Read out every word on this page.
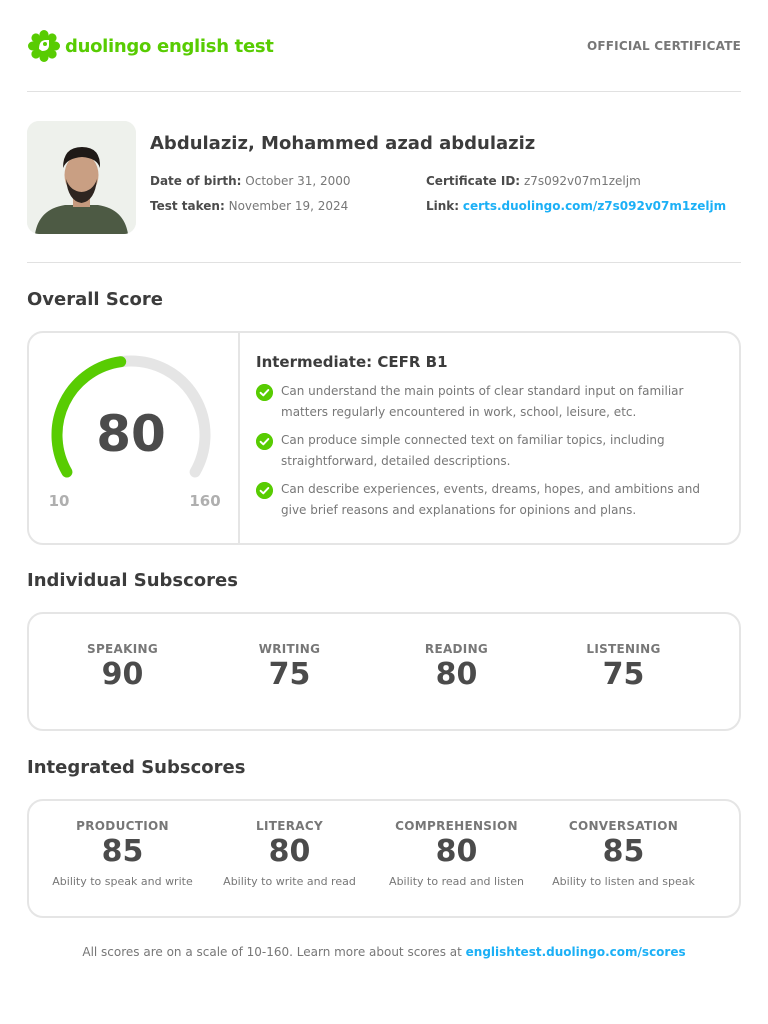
duolingo english test	OFFICIAL CERTIFICATE
Abdulaziz, Mohammed azad abdulaziz
Date of birth: October 31, 2000
Test taken: November 19, 2024
Certificate ID: z7s092v07m1zeljm
Link: certs.duolingo.com/z7s092v07m1zeljm
Overall Score
80
10	160
Intermediate: CEFR B1
Can understand the main points of clear standard input on familiar matters regularly encountered in work, school, leisure, etc.
Can produce simple connected text on familiar topics, including straightforward, detailed descriptions.
Can describe experiences, events, dreams, hopes, and ambitions and give brief reasons and explanations for opinions and plans.
Individual Subscores
SPEAKING
90
WRITING
75
READING
80
LISTENING
75
Integrated Subscores
PRODUCTION
85
Ability to speak and write
LITERACY
80
Ability to write and read
COMPREHENSION
80
Ability to read and listen
CONVERSATION
85
Ability to listen and speak
All scores are on a scale of 10-160. Learn more about scores at englishtest.duolingo.com/scores
